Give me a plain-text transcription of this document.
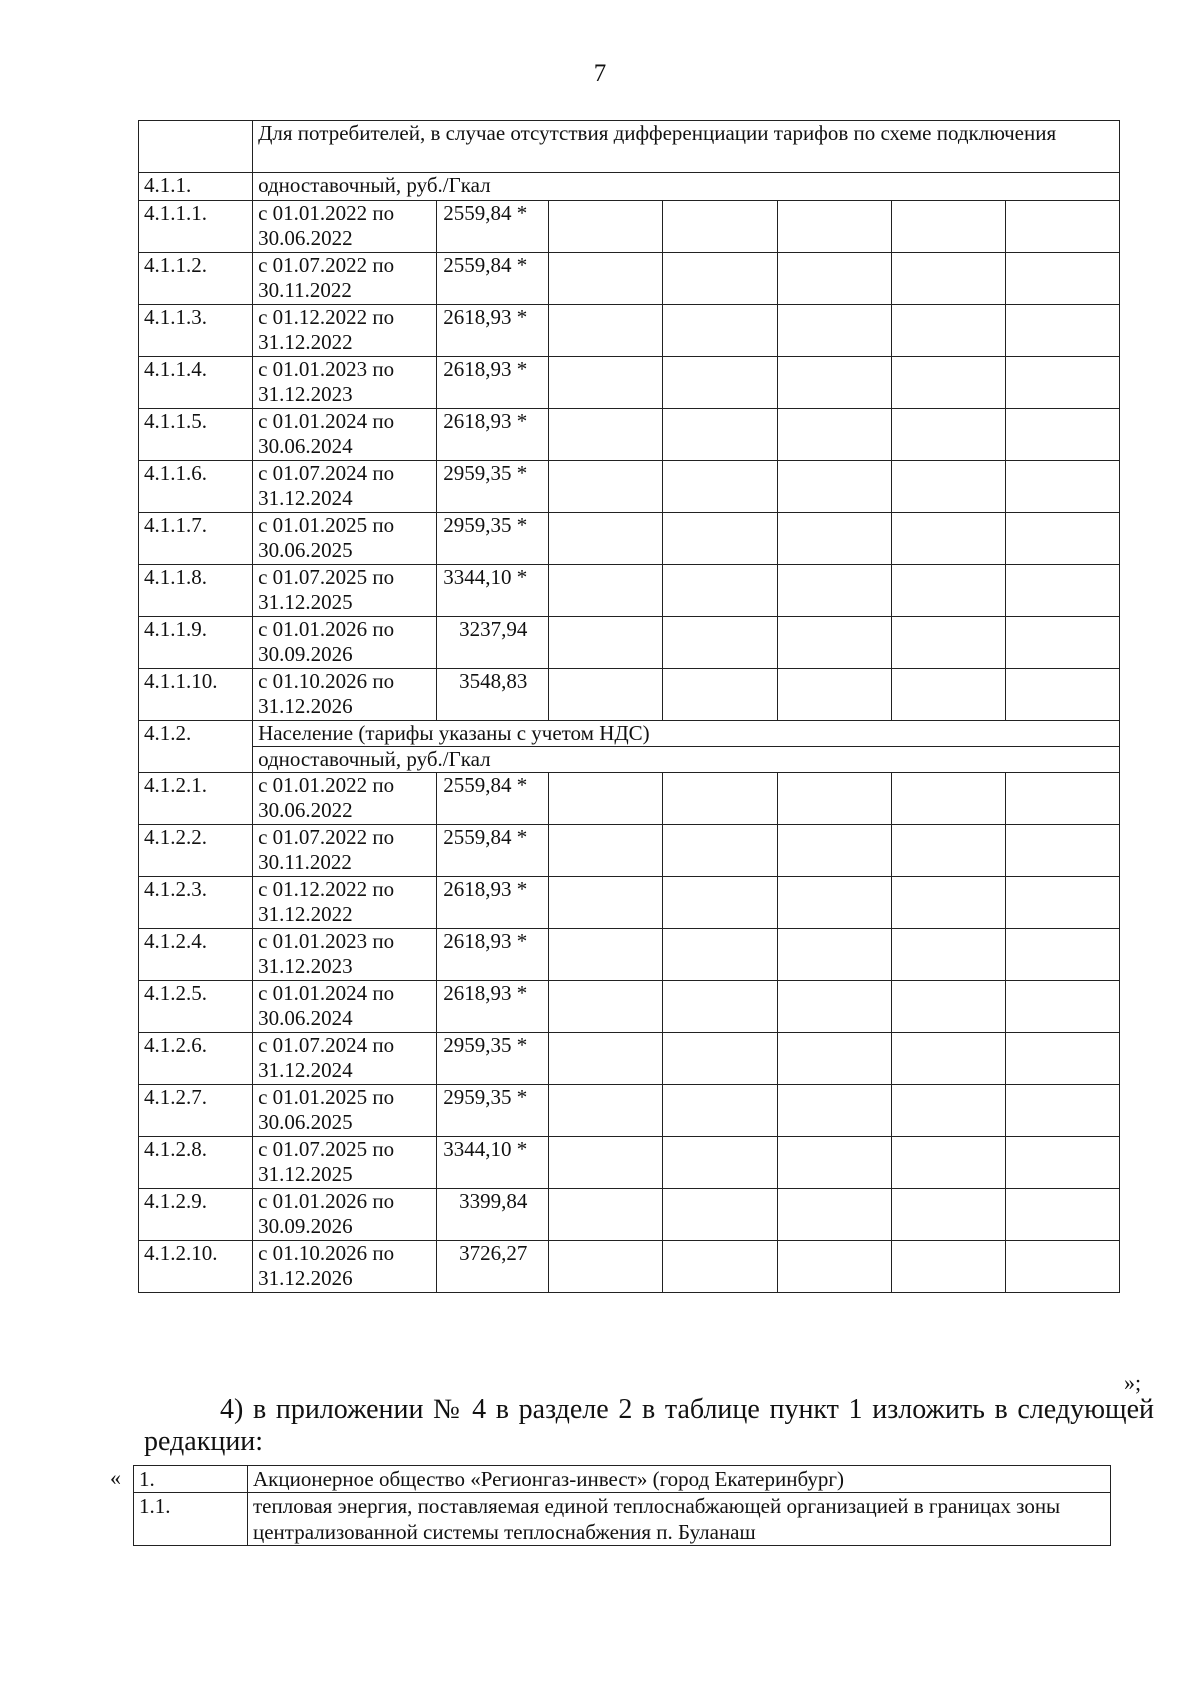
7
	Для потребителей, в случае отсутствия дифференциации тарифов по схеме подключения						
4.1.1.	одноставочный, руб./Гкал						
4.1.1.1.	с 01.01.2022 по 30.06.2022	2559,84 *					
4.1.1.2.	с 01.07.2022 по 30.11.2022	2559,84 *					
4.1.1.3.	с 01.12.2022 по 31.12.2022	2618,93 *					
4.1.1.4.	с 01.01.2023 по 31.12.2023	2618,93 *					
4.1.1.5.	с 01.01.2024 по 30.06.2024	2618,93 *					
4.1.1.6.	с 01.07.2024 по 31.12.2024	2959,35 *					
4.1.1.7.	с 01.01.2025 по 30.06.2025	2959,35 *					
4.1.1.8.	с 01.07.2025 по 31.12.2025	3344,10 *					
4.1.1.9.	с 01.01.2026 по 30.09.2026	3237,94					
4.1.1.10.	с 01.10.2026 по 31.12.2026	3548,83					
4.1.2.	Население (тарифы указаны с учетом НДС)						
	одноставочный, руб./Гкал						
4.1.2.1.	с 01.01.2022 по 30.06.2022	2559,84 *					
4.1.2.2.	с 01.07.2022 по 30.11.2022	2559,84 *					
4.1.2.3.	с 01.12.2022 по 31.12.2022	2618,93 *					
4.1.2.4.	с 01.01.2023 по 31.12.2023	2618,93 *					
4.1.2.5.	с 01.01.2024 по 30.06.2024	2618,93 *					
4.1.2.6.	с 01.07.2024 по 31.12.2024	2959,35 *					
4.1.2.7.	с 01.01.2025 по 30.06.2025	2959,35 *					
4.1.2.8.	с 01.07.2025 по 31.12.2025	3344,10 *					
4.1.2.9.	с 01.01.2026 по 30.09.2026	3399,84					
4.1.2.10.	с 01.10.2026 по 31.12.2026	3726,27					
»;
4) в приложении № 4 в разделе 2 в таблице пункт 1 изложить в следующей редакции:
« 1.	Акционерное общество «Регионгаз-инвест» (город Екатеринбург)
1.1.	тепловая энергия, поставляемая единой теплоснабжающей организацией в границах зоны централизованной системы теплоснабжения п. Буланаш
